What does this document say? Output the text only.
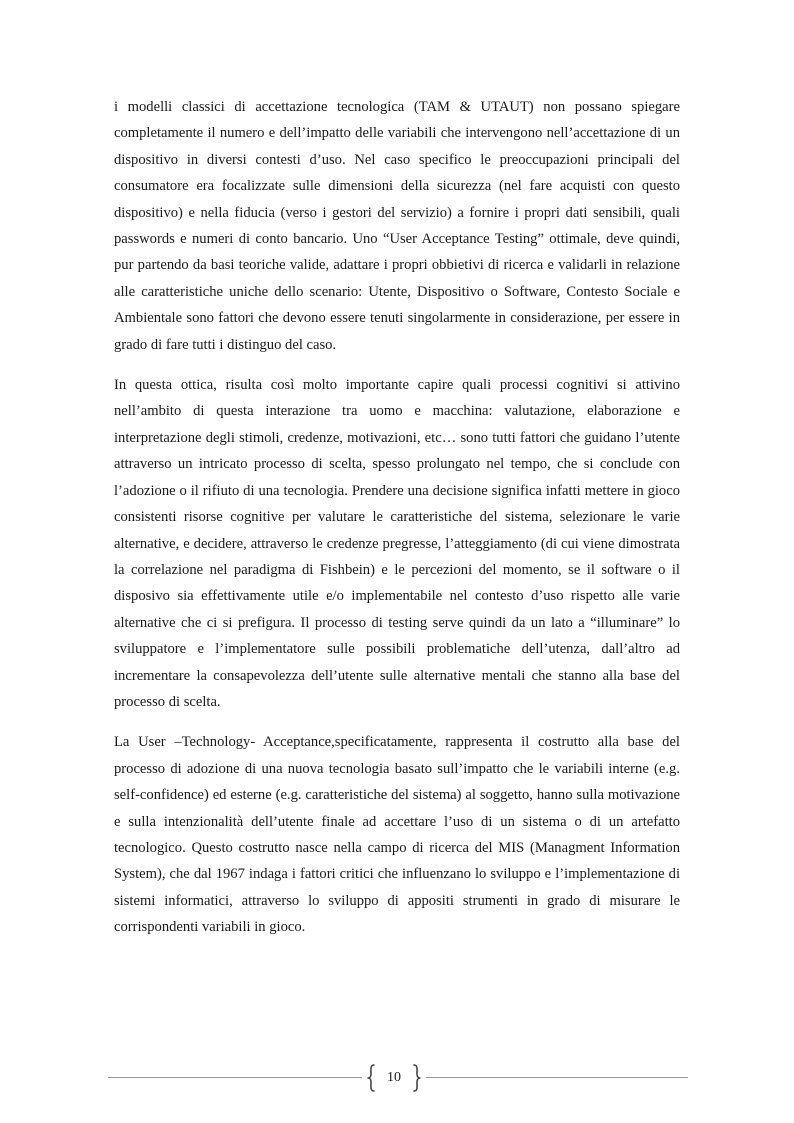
i modelli classici di accettazione tecnologica (TAM & UTAUT) non possano spiegare completamente il numero e dell’impatto delle variabili che intervengono nell’accettazione di un dispositivo in diversi contesti d’uso. Nel caso specifico le preoccupazioni principali del consumatore era focalizzate sulle dimensioni della sicurezza (nel fare acquisti con questo dispositivo) e nella fiducia (verso i gestori del servizio) a fornire i propri dati sensibili, quali passwords e numeri di conto bancario. Uno “User Acceptance Testing” ottimale, deve quindi, pur partendo da basi teoriche valide, adattare i propri obbietivi di ricerca e validarli in relazione alle caratteristiche uniche dello scenario: Utente, Dispositivo o Software, Contesto Sociale e Ambientale sono fattori che devono essere tenuti singolarmente in considerazione, per essere in grado di fare tutti i distinguo del caso.

In questa ottica, risulta così molto importante capire quali processi cognitivi si attivino nell’ambito di questa interazione tra uomo e macchina: valutazione, elaborazione e interpretazione degli stimoli, credenze, motivazioni, etc… sono tutti fattori che guidano l’utente attraverso un intricato processo di scelta, spesso prolungato nel tempo, che si conclude con l’adozione o il rifiuto di una tecnologia. Prendere una decisione significa infatti mettere in gioco consistenti risorse cognitive per valutare le caratteristiche del sistema, selezionare le varie alternative, e decidere, attraverso le credenze pregresse, l’atteggiamento (di cui viene dimostrata la correlazione nel paradigma di Fishbein) e le percezioni del momento, se il software o il disposivo sia effettivamente utile e/o implementabile nel contesto d’uso rispetto alle varie alternative che ci si prefigura. Il processo di testing serve quindi da un lato a “illuminare” lo sviluppatore e l’implementatore sulle possibili problematiche dell’utenza, dall’altro ad incrementare la consapevolezza dell’utente sulle alternative mentali che stanno alla base del processo di scelta.

La User –Technology- Acceptance,specificatamente, rappresenta il costrutto alla base del processo di adozione di una nuova tecnologia basato sull’impatto che le variabili interne (e.g. self-confidence) ed esterne (e.g. caratteristiche del sistema) al soggetto, hanno sulla motivazione e sulla intenzionalità dell’utente finale ad accettare l’uso di un sistema o di un artefatto tecnologico. Questo costrutto nasce nella campo di ricerca del MIS (Managment Information System), che dal 1967 indaga i fattori critici che influenzano lo sviluppo e l’implementazione di sistemi informatici, attraverso lo sviluppo di appositi strumenti in grado di misurare le corrispondenti variabili in gioco.

10
